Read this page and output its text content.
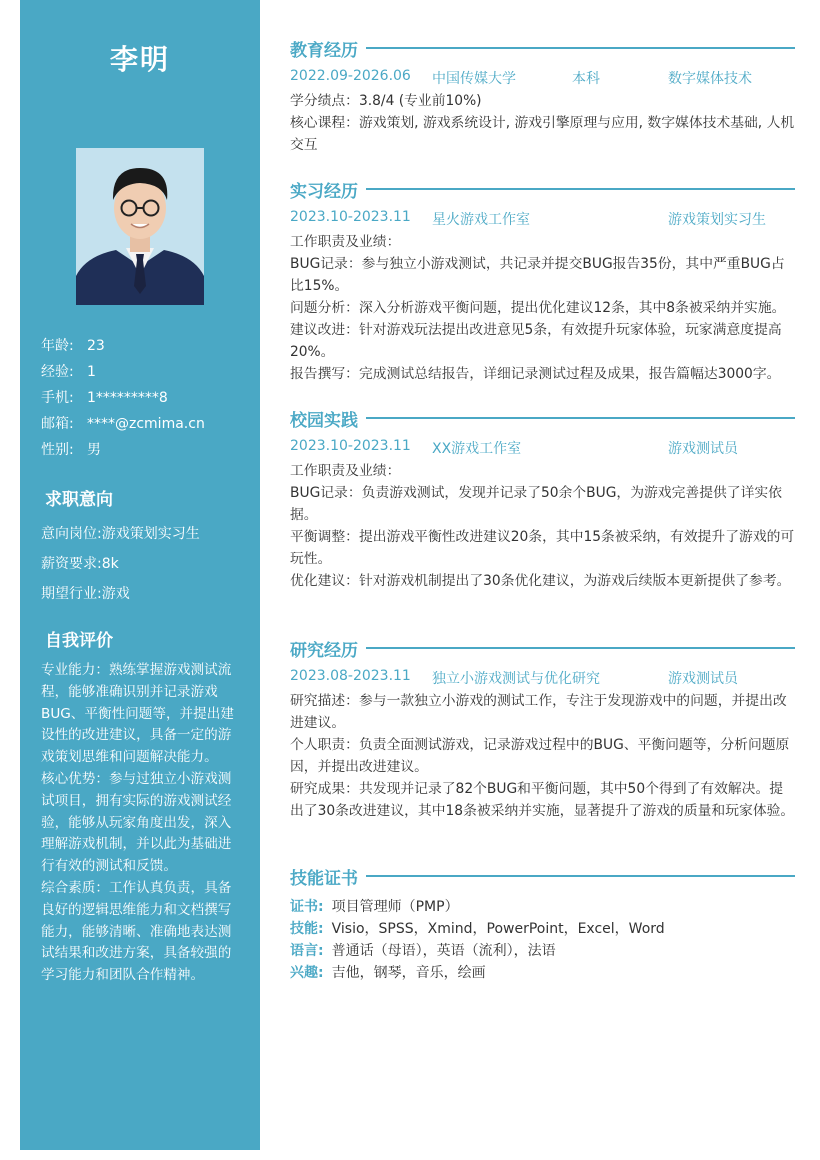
李明
年龄: 23
经验: 1
手机: 1*********8
邮箱: ****@zcmima.cn
性别: 男
求职意向
意向岗位:游戏策划实习生
薪资要求:8k
期望行业:游戏
自我评价

专业能力：熟练掌握游戏测试流程，能够准确识别并记录游戏BUG、平衡性问题等，并提出建设性的改进建议，具备一定的游戏策划思维和问题解决能力。

核心优势：参与过独立小游戏测试项目，拥有实际的游戏测试经验，能够从玩家角度出发，深入理解游戏机制，并以此为基础进行有效的测试和反馈。

综合素质：工作认真负责，具备良好的逻辑思维能力和文档撰写能力，能够清晰、准确地表达测试结果和改进方案，具备较强的学习能力和团队合作精神。

教育经历
2022.09-2026.06 中国传媒大学	本科	数字媒体技术

学分绩点：3.8/4 (专业前10%)

核心课程：游戏策划, 游戏系统设计, 游戏引擎原理与应用, 数字媒体技术基础, 人机交互

实习经历
2023.10-2023.11 星火游戏工作室	游戏策划实习生

工作职责及业绩：

BUG记录：参与独立小游戏测试，共记录并提交BUG报告35份，其中严重BUG占比15%。

问题分析：深入分析游戏平衡问题，提出优化建议12条，其中8条被采纳并实施。

建议改进：针对游戏玩法提出改进意见5条，有效提升玩家体验，玩家满意度提高20%。

报告撰写：完成测试总结报告，详细记录测试过程及成果，报告篇幅达3000字。

校园实践
2023.10-2023.11 XX游戏工作室	游戏测试员

工作职责及业绩：

BUG记录：负责游戏测试，发现并记录了50余个BUG，为游戏完善提供了详实依据。

平衡调整：提出游戏平衡性改进建议20条，其中15条被采纳，有效提升了游戏的可玩性。

优化建议：针对游戏机制提出了30条优化建议，为游戏后续版本更新提供了参考。

研究经历
2023.08-2023.11 独立小游戏测试与优化研究	游戏测试员

研究描述：参与一款独立小游戏的测试工作，专注于发现游戏中的问题，并提出改进建议。

个人职责：负责全面测试游戏，记录游戏过程中的BUG、平衡问题等，分析问题原因，并提出改进建议。

研究成果：共发现并记录了82个BUG和平衡问题，其中50个得到了有效解决。提出了30条改进建议，其中18条被采纳并实施，显著提升了游戏的质量和玩家体验。

技能证书
证书: 项目管理师（PMP）
技能: Visio，SPSS，Xmind，PowerPoint，Excel，Word
语言: 普通话（母语），英语（流利），法语
兴趣: 吉他，钢琴，音乐，绘画
